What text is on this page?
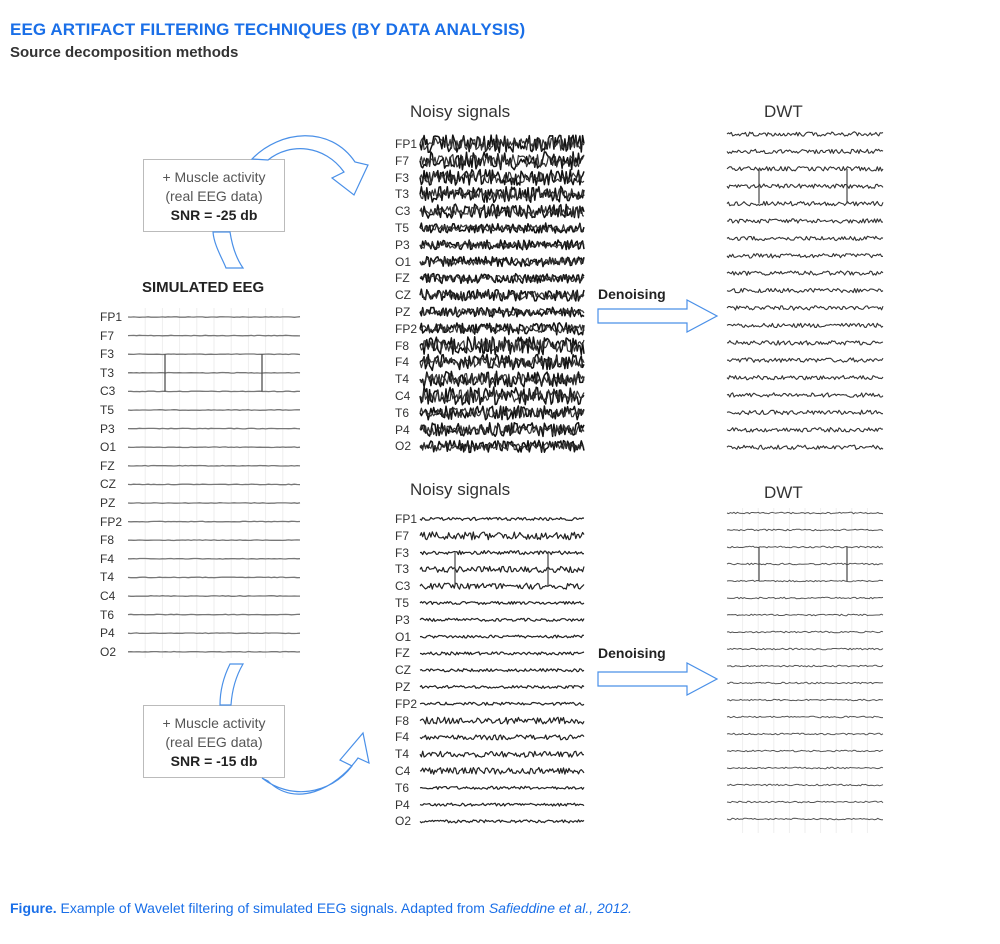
EEG ARTIFACT FILTERING TECHNIQUES (BY DATA ANALYSIS)
Source decomposition methods
SIMULATED EEG
FP1
F7
F3
T3
C3
T5
P3
O1
FZ
CZ
PZ
FP2
F8
F4
T4
C4
T6
P4
O2
+ Muscle activity
(real EEG data)
SNR = -25 db
Noisy signals
FP1
F7
F3
T3
C3
T5
P3
O1
FZ
CZ
PZ
FP2
F8
F4
T4
C4
T6
P4
O2
Denoising
DWT
+ Muscle activity
(real EEG data)
SNR = -15 db
Noisy signals
FP1
F7
F3
T3
C3
T5
P3
O1
FZ
CZ
PZ
FP2
F8
F4
T4
C4
T6
P4
O2
Denoising
DWT
Figure. Example of Wavelet filtering of simulated EEG signals. Adapted from Safieddine et al., 2012.
